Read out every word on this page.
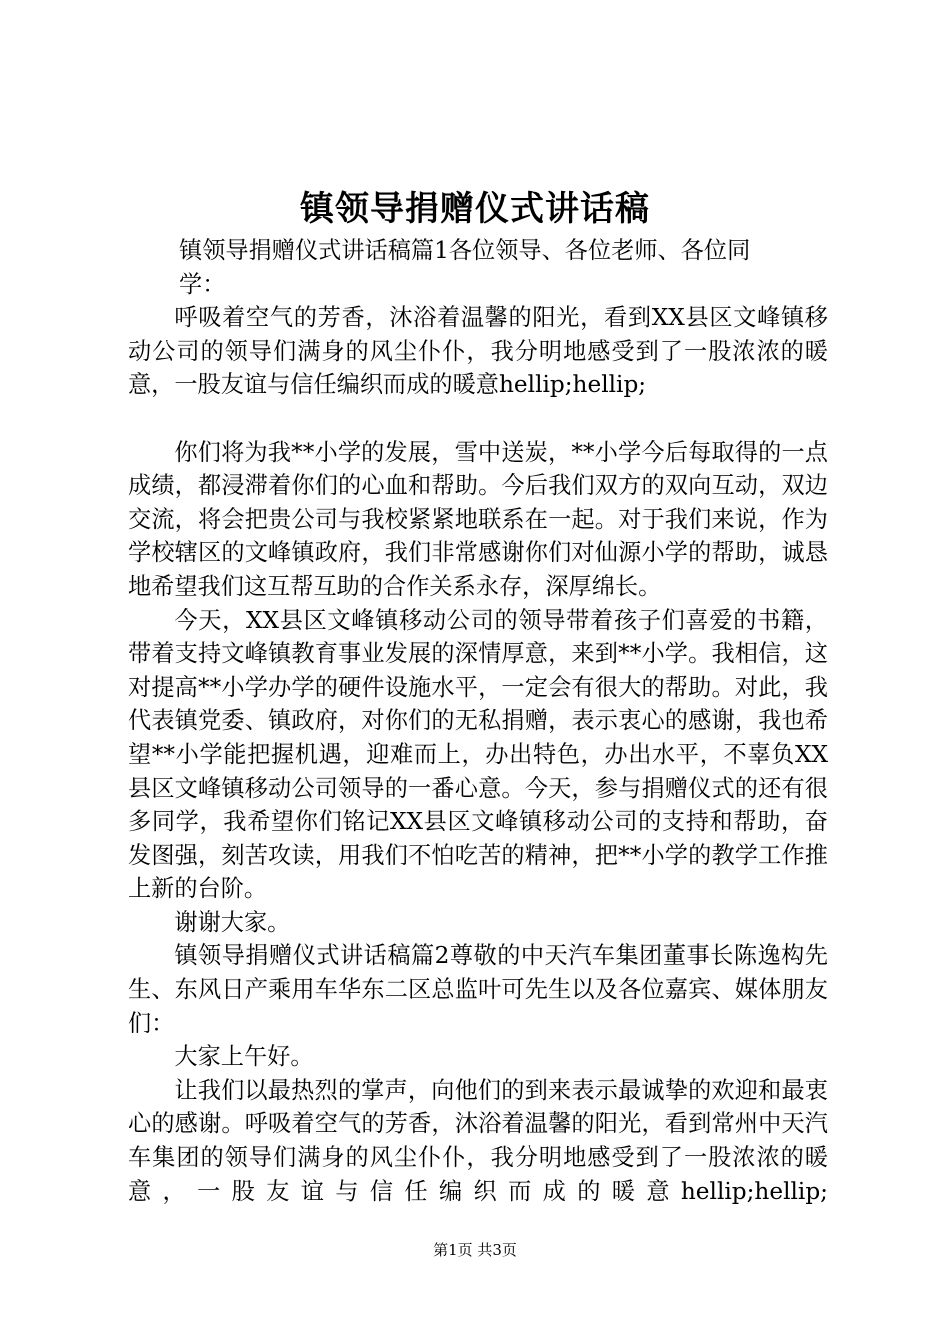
镇领导捐赠仪式讲话稿

镇领导捐赠仪式讲话稿篇1各位领导、各位老师、各位同学：

呼吸着空气的芳香，沐浴着温馨的阳光，看到XX县区文峰镇移动公司的领导们满身的风尘仆仆，我分明地感受到了一股浓浓的暖意，一股友谊与信任编织而成的暖意hellip;hellip;

你们将为我**小学的发展，雪中送炭，**小学今后每取得的一点成绩，都浸滞着你们的心血和帮助。今后我们双方的双向互动，双边交流，将会把贵公司与我校紧紧地联系在一起。对于我们来说，作为学校辖区的文峰镇政府，我们非常感谢你们对仙源小学的帮助，诚恳地希望我们这互帮互助的合作关系永存，深厚绵长。

今天，XX县区文峰镇移动公司的领导带着孩子们喜爱的书籍，带着支持文峰镇教育事业发展的深情厚意，来到**小学。我相信，这对提高**小学办学的硬件设施水平，一定会有很大的帮助。对此，我代表镇党委、镇政府，对你们的无私捐赠，表示衷心的感谢，我也希望**小学能把握机遇，迎难而上，办出特色，办出水平，不辜负XX县区文峰镇移动公司领导的一番心意。今天，参与捐赠仪式的还有很多同学，我希望你们铭记XX县区文峰镇移动公司的支持和帮助，奋发图强，刻苦攻读，用我们不怕吃苦的精神，把**小学的教学工作推上新的台阶。

谢谢大家。

镇领导捐赠仪式讲话稿篇2尊敬的中天汽车集团董事长陈逸构先生、东风日产乘用车华东二区总监叶可先生以及各位嘉宾、媒体朋友们：

大家上午好。

让我们以最热烈的掌声，向他们的到来表示最诚挚的欢迎和最衷心的感谢。呼吸着空气的芳香，沐浴着温馨的阳光，看到常州中天汽车集团的领导们满身的风尘仆仆，我分明地感受到了一股浓浓的暖意，一股友谊与信任编织而成的暖意hellip;hellip;

第1页 共3页
